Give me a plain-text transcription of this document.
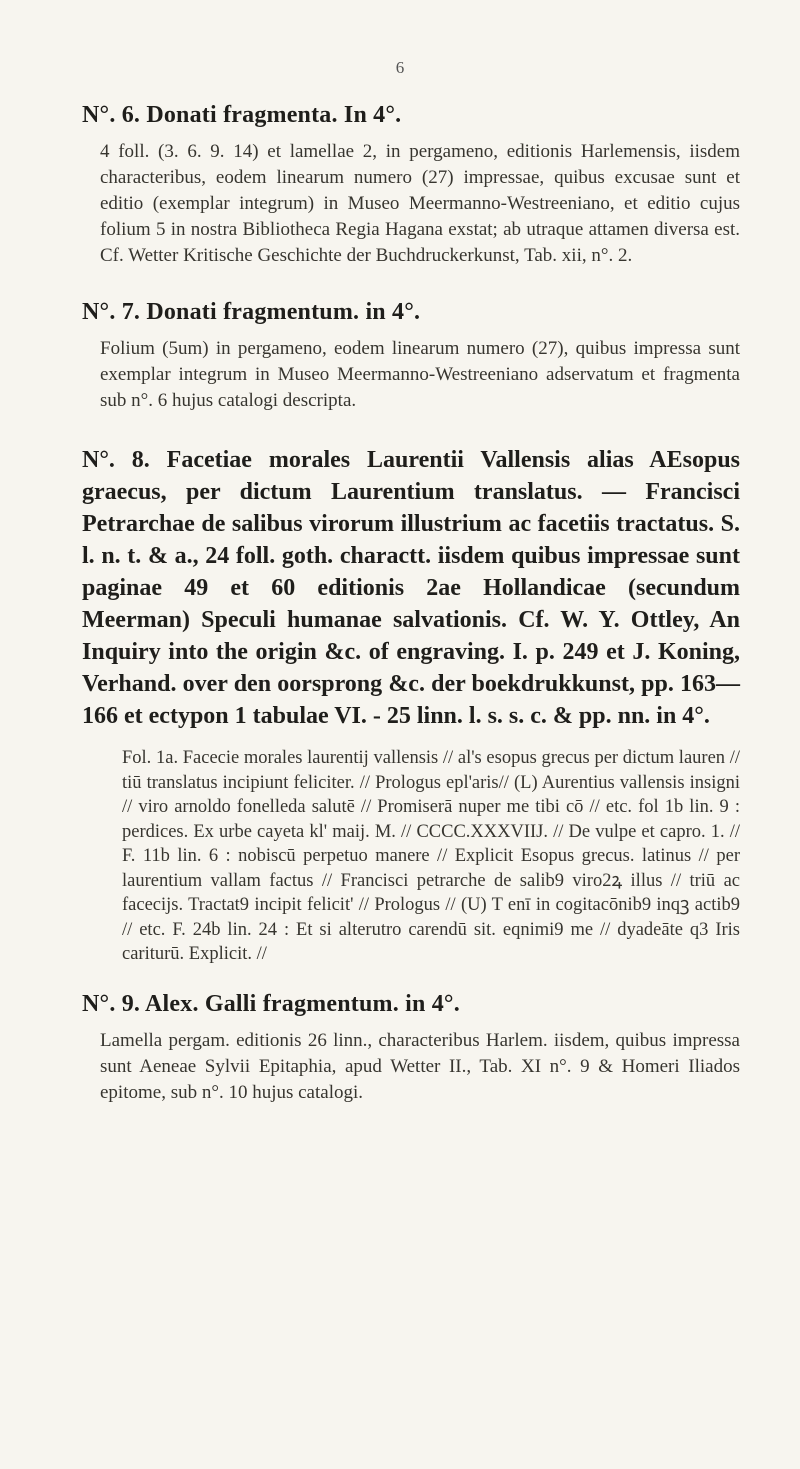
6
N°. 6. Donati fragmenta. In 4°.
4 foll. (3. 6. 9. 14) et lamellae 2, in pergameno, editionis Harlemensis, iisdem characteribus, eodem linearum numero (27) impressae, quibus excusae sunt et editio (exemplar integrum) in Museo Meermanno-Westreeniano, et editio cujus folium 5 in nostra Bibliotheca Regia Hagana exstat; ab utraque attamen diversa est. Cf. Wetter Kritische Geschichte der Buchdruckerkunst, Tab. xii, n°. 2.
N°. 7. Donati fragmentum. in 4°.
Folium (5um) in pergameno, eodem linearum numero (27), quibus impressa sunt exemplar integrum in Museo Meermanno-Westreeniano adservatum et fragmenta sub n°. 6 hujus catalogi descripta.
N°. 8. Facetiae morales Laurentii Vallensis alias AEsopus graecus, per dictum Laurentium translatus. — Francisci Petrarchae de salibus virorum illustrium ac facetiis tractatus. S. l. n. t. & a., 24 foll. goth. charactt. iisdem quibus impressae sunt paginae 49 et 60 editionis 2ae Hollandicae (secundum Meerman) Speculi humanae salvationis. Cf. W. Y. Ottley, An Inquiry into the origin &c. of engraving. I. p. 249 et J. Koning, Verhand. over den oorsprong &c. der boekdrukkunst, pp. 163—166 et ectypon 1 tabulae VI. - 25 linn. l. s. s. c. & pp. nn. in 4°.
Fol. 1a. Facecie morales laurentij vallensis // al's esopus grecus per dictum lauren // tiū translatus incipiunt feliciter. // Prologus epl'aris// (L) Aurentius vallensis insigni // viro arnoldo fonelleda salutē // Promiserā nuper me tibi cō // etc. fol 1b lin. 9 : perdices. Ex urbe cayeta kl' maij. M. // CCCC.XXXVIIJ. // De vulpe et capro. 1. // F. 11b lin. 6 : nobiscū perpetuo manere // Explicit Esopus grecus. latinus // per laurentium vallam factus // Francisci petrarche de salib9 viro2ꝝ illus // triū ac facecijs. Tractat9 incipit felicit' // Prologus // (U) T enī in cogitacōnib9 inqꝫ actib9 // etc. F. 24b lin. 24 : Et si alterutro carendū sit. eqnimi9 me // dyadeāte q3 Iris cariturū. Explicit. //
N°. 9. Alex. Galli fragmentum. in 4°.
Lamella pergam. editionis 26 linn., characteribus Harlem. iisdem, quibus impressa sunt Aeneae Sylvii Epitaphia, apud Wetter II., Tab. XI n°. 9 & Homeri Iliados epitome, sub n°. 10 hujus catalogi.
